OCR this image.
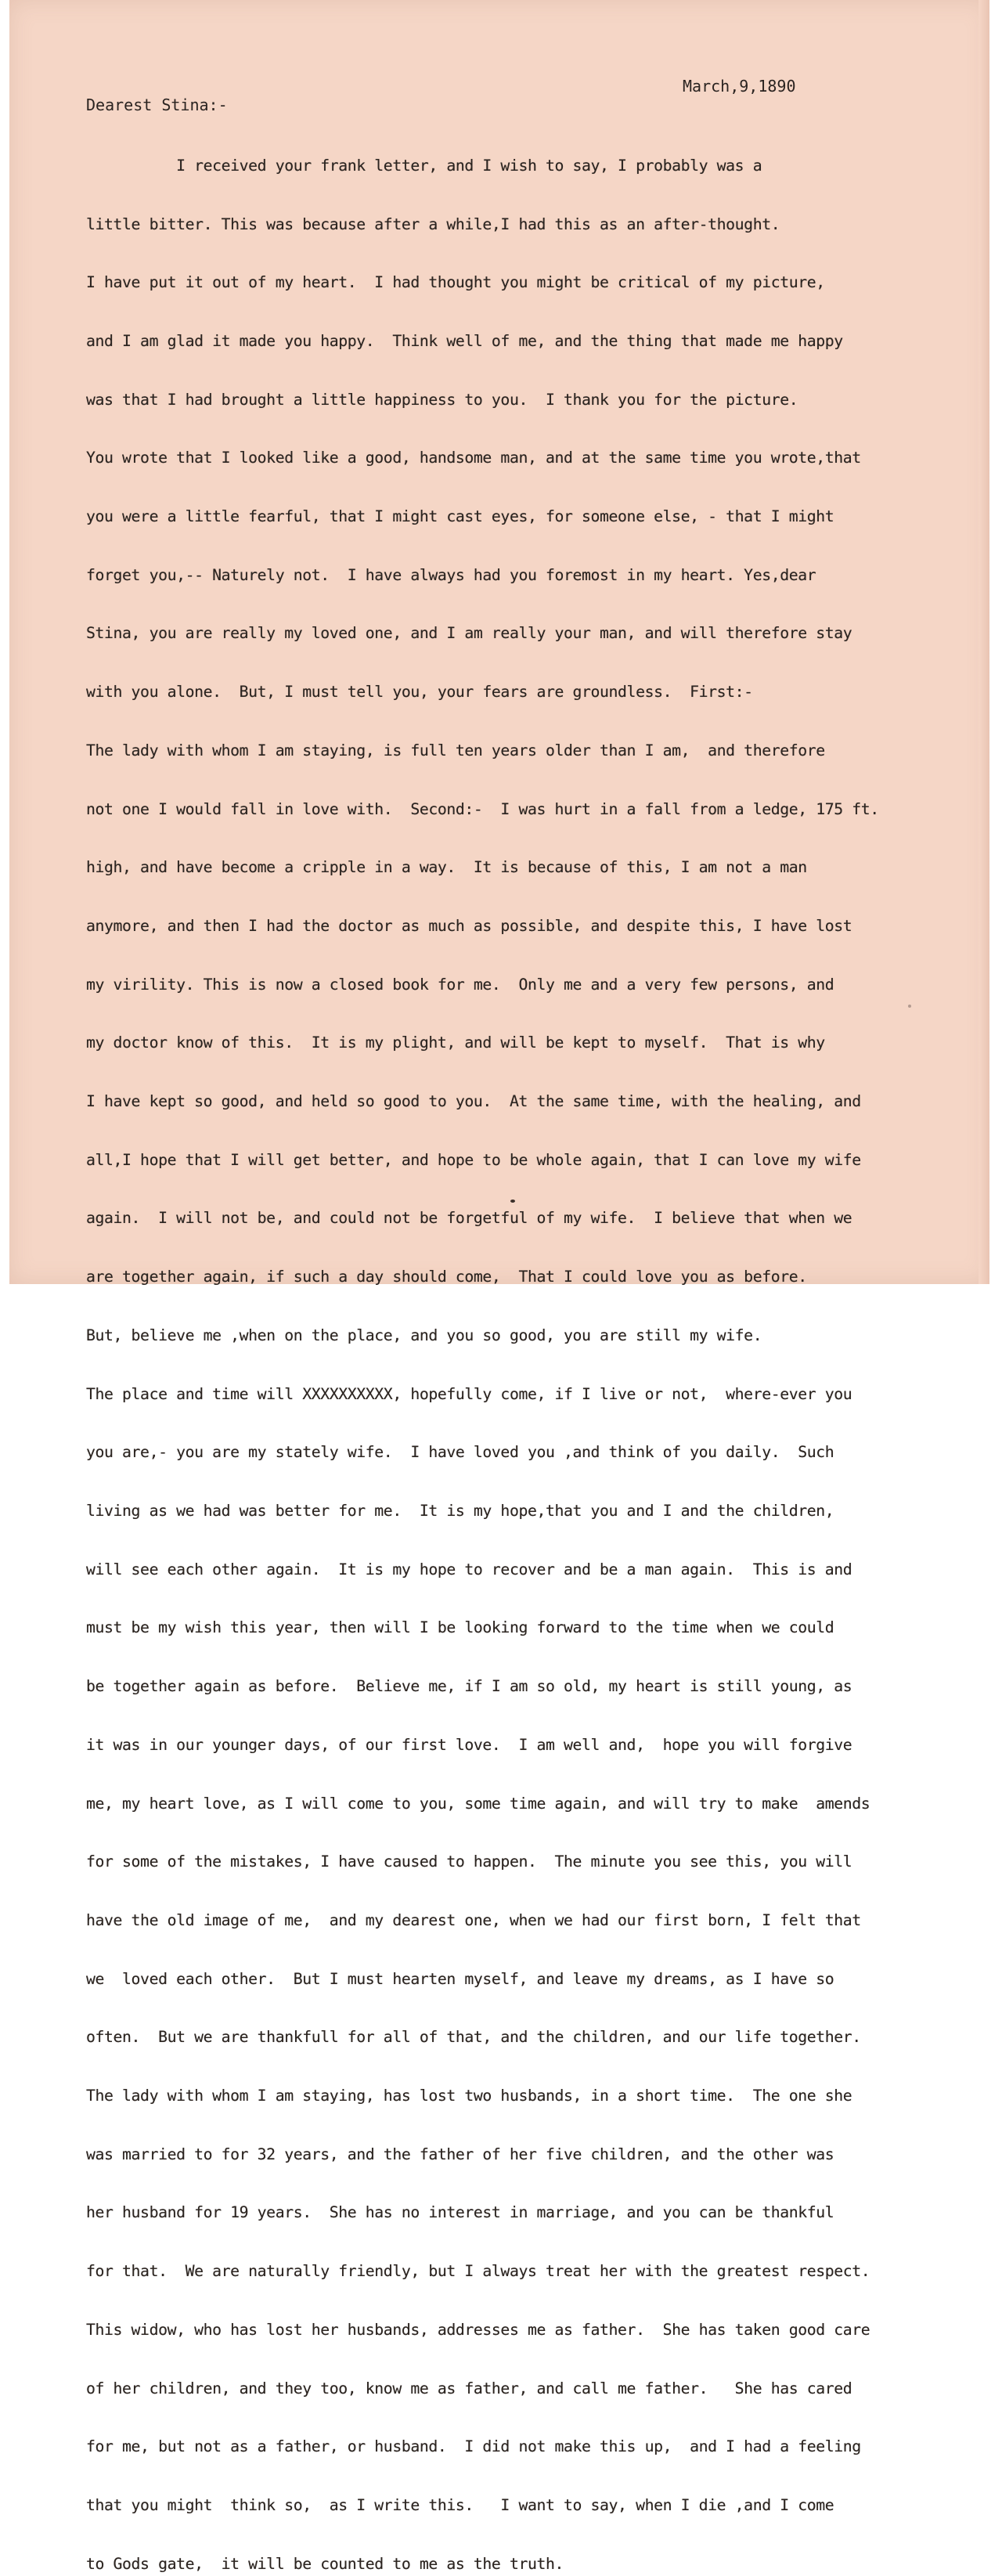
March,9,1890
Dearest Stina:-

I received your frank letter, and I wish to say, I probably was a

little bitter. This was because after a while,I had this as an after-thought.

I have put it out of my heart.  I had thought you might be critical of my picture,

and I am glad it made you happy.  Think well of me, and the thing that made me happy

was that I had brought a little happiness to you.  I thank you for the picture.

You wrote that I looked like a good, handsome man, and at the same time you wrote,that

you were a little fearful, that I might cast eyes, for someone else, - that I might

forget you,-- Naturely not.  I have always had you foremost in my heart. Yes,dear

Stina, you are really my loved one, and I am really your man, and will therefore stay

with you alone.  But, I must tell you, your fears are groundless.  First:-

The lady with whom I am staying, is full ten years older than I am,  and therefore

not one I would fall in love with.  Second:-  I was hurt in a fall from a ledge, 175 ft.

high, and have become a cripple in a way.  It is because of this, I am not a man

anymore, and then I had the doctor as much as possible, and despite this, I have lost

my virility. This is now a closed book for me.  Only me and a very few persons, and

my doctor know of this.  It is my plight, and will be kept to myself.  That is why

I have kept so good, and held so good to you.  At the same time, with the healing, and

all,I hope that I will get better, and hope to be whole again, that I can love my wife

again.  I will not be, and could not be forgetful of my wife.  I believe that when we

are together again, if such a day should come,  That I could love you as before.

But, believe me ,when on the place, and you so good, you are still my wife.

The place and time will XXXXXXXXXX, hopefully come, if I live or not,  where-ever you

you are,- you are my stately wife.  I have loved you ,and think of you daily.  Such

living as we had was better for me.  It is my hope,that you and I and the children,

will see each other again.  It is my hope to recover and be a man again.  This is and

must be my wish this year, then will I be looking forward to the time when we could

be together again as before.  Believe me, if I am so old, my heart is still young, as

it was in our younger days, of our first love.  I am well and,  hope you will forgive

me, my heart love, as I will come to you, some time again, and will try to make  amends

for some of the mistakes, I have caused to happen.  The minute you see this, you will

have the old image of me,  and my dearest one, when we had our first born, I felt that

we  loved each other.  But I must hearten myself, and leave my dreams, as I have so

often.  But we are thankfull for all of that, and the children, and our life together.

The lady with whom I am staying, has lost two husbands, in a short time.  The one she

was married to for 32 years, and the father of her five children, and the other was

her husband for 19 years.  She has no interest in marriage, and you can be thankful

for that.  We are naturally friendly, but I always treat her with the greatest respect.

This widow, who has lost her husbands, addresses me as father.  She has taken good care

of her children, and they too, know me as father, and call me father.   She has cared

for me, but not as a father, or husband.  I did not make this up,  and I had a feeling

that you might  think so,  as I write this.   I want to say, when I die ,and I come

to Gods gate,  it will be counted to me as the truth.
